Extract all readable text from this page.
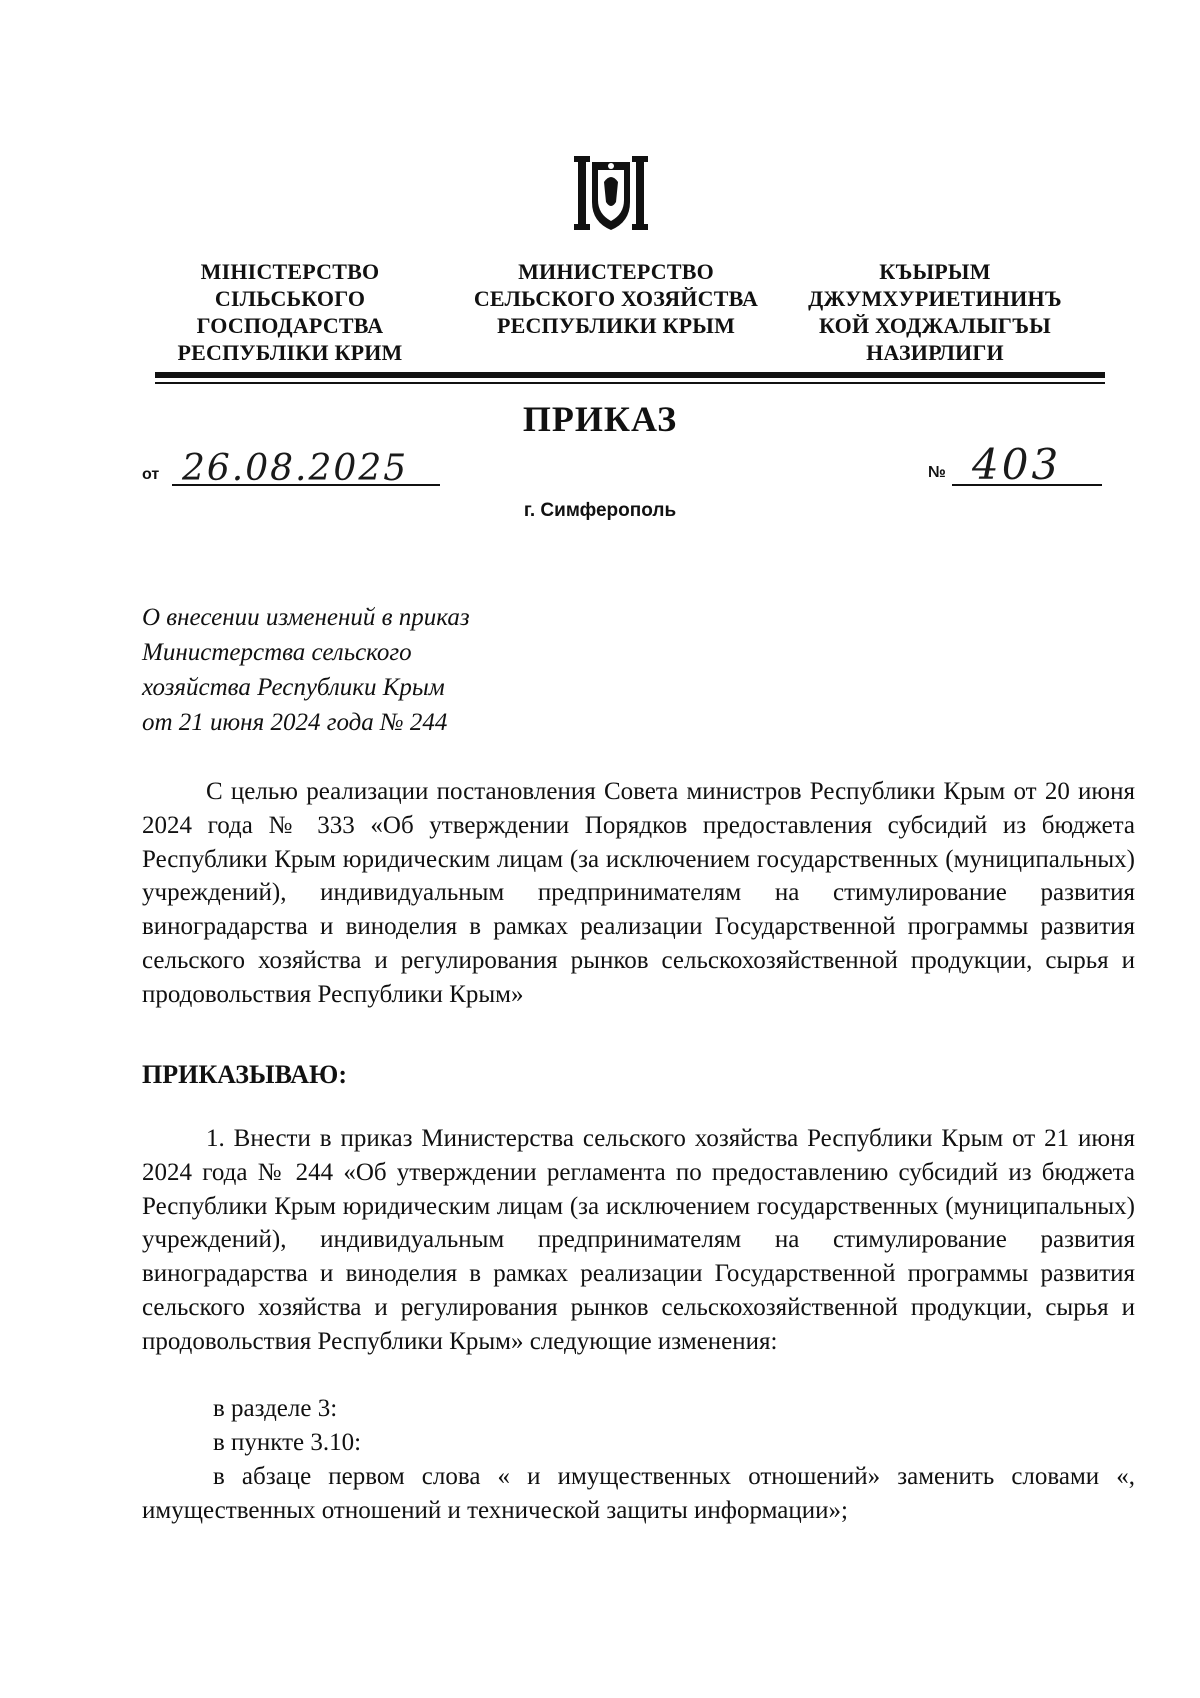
МІНІСТЕРСТВО
СІЛЬСЬКОГО
ГОСПОДАРСТВА
РЕСПУБЛІКИ КРИМ
МИНИСТЕРСТВО
СЕЛЬСКОГО ХОЗЯЙСТВА
РЕСПУБЛИКИ КРЫМ
КЪЫРЫМ
ДЖУМХУРИЕТИНИНЪ
КОЙ ХОДЖАЛЫГЪЫ
НАЗИРЛИГИ
ПРИКАЗ
от 26.08.2025	№ 403
г. Симферополь
О внесении изменений в приказ
Министерства сельского
хозяйства Республики Крым
от 21 июня 2024 года № 244
С целью реализации постановления Совета министров Республики Крым от 20 июня 2024 года № 333 «Об утверждении Порядков предоставления субсидий из бюджета Республики Крым юридическим лицам (за исключением государственных (муниципальных) учреждений), индивидуальным предпринимателям на стимулирование развития виноградарства и виноделия в рамках реализации Государственной программы развития сельского хозяйства и регулирования рынков сельскохозяйственной продукции, сырья и продовольствия Республики Крым»
ПРИКАЗЫВАЮ:
1. Внести в приказ Министерства сельского хозяйства Республики Крым от 21 июня 2024 года № 244 «Об утверждении регламента по предоставлению субсидий из бюджета Республики Крым юридическим лицам (за исключением государственных (муниципальных) учреждений), индивидуальным предпринимателям на стимулирование развития виноградарства и виноделия в рамках реализации Государственной программы развития сельского хозяйства и регулирования рынков сельскохозяйственной продукции, сырья и продовольствия Республики Крым» следующие изменения:
в разделе 3:
в пункте 3.10:
в абзаце первом слова « и имущественных отношений» заменить словами «, имущественных отношений и технической защиты информации»;
